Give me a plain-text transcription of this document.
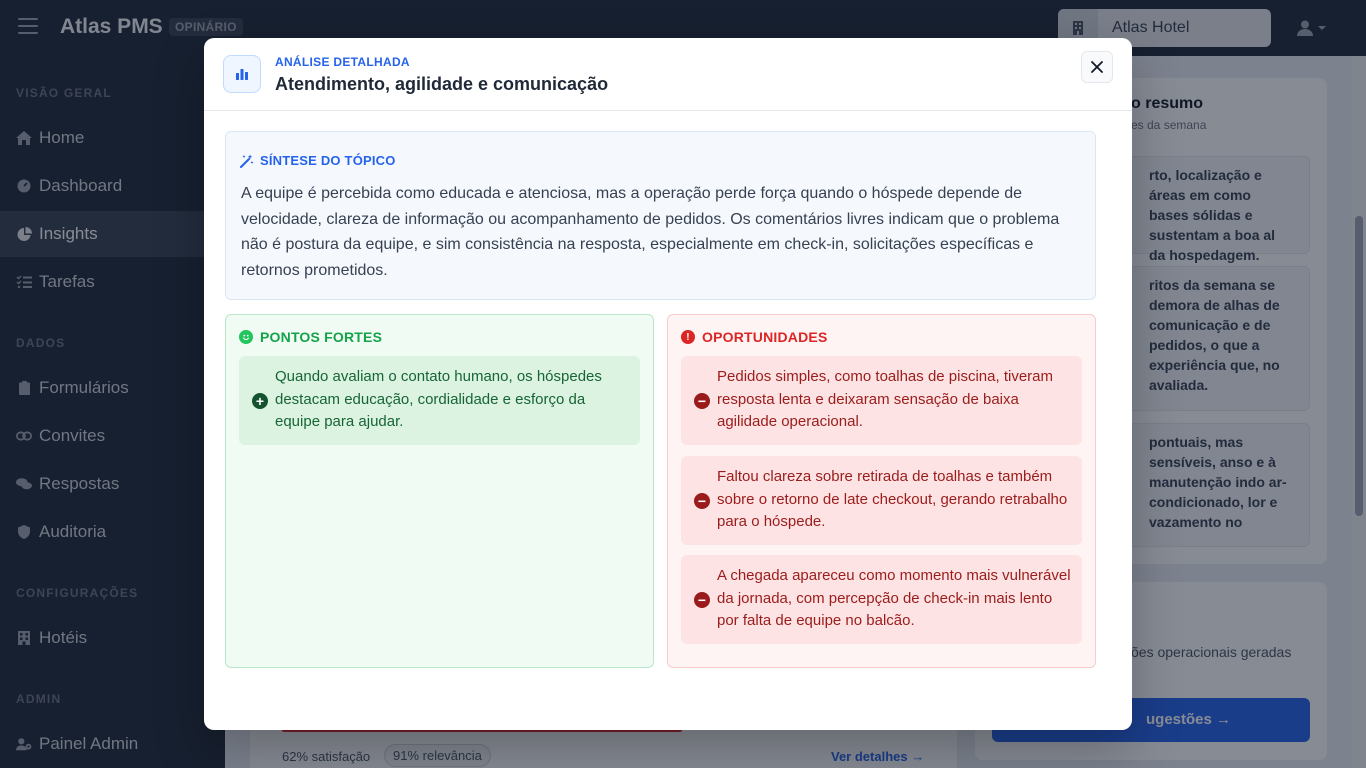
ANÁLISE DETALHADA
Atendimento, agilidade e comunicação
SÍNTESE DO TÓPICO
A equipe é percebida como educada e atenciosa, mas a operação perde força quando o hóspede depende de velocidade, clareza de informação ou acompanhamento de pedidos. Os comentários livres indicam que o problema não é postura da equipe, e sim consistência na resposta, especialmente em check-in, solicitações específicas e retornos prometidos.
PONTOS FORTES
+
Quando avaliam o contato humano, os hóspedes destacam educação, cordialidade e esforço da equipe para ajudar.
! OPORTUNIDADES
−
Pedidos simples, como toalhas de piscina, tiveram resposta lenta e deixaram sensação de baixa agilidade operacional.
−
Faltou clareza sobre retirada de toalhas e também sobre o retorno de late checkout, gerando retrabalho para o hóspede.
−
A chegada apareceu como momento mais vulnerável da jornada, com percepção de check-in mais lento por falta de equipe no balcão.
